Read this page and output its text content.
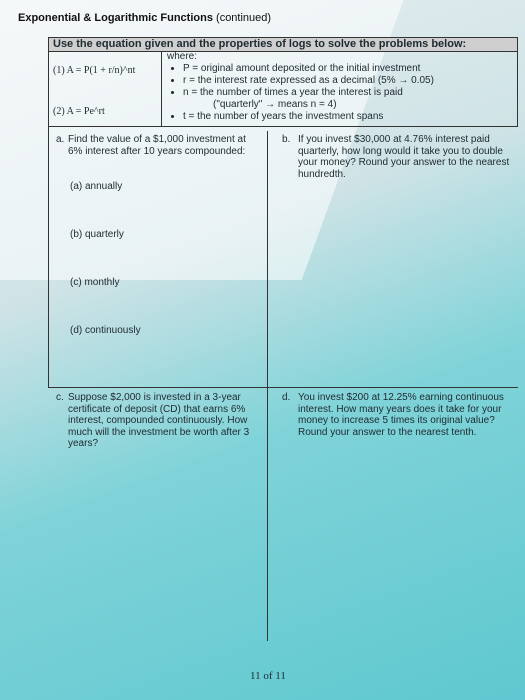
Exponential & Logarithmic Functions (continued)
Use the equation given and the properties of logs to solve the problems below:
(1) A = P(1 + r/n)^nt
(2) A = Pe^rt
where:
• P = original amount deposited or the initial investment
• r = the interest rate expressed as a decimal (5% → 0.05)
• n = the number of times a year the interest is paid
("quarterly" → means n = 4)
• t = the number of years the investment spans
a. Find the value of a $1,000 investment at 6% interest after 10 years compounded:
(a) annually
(b) quarterly
(c) monthly
(d) continuously
b. If you invest $30,000 at 4.76% interest paid quarterly, how long would it take you to double your money? Round your answer to the nearest hundredth.
c. Suppose $2,000 is invested in a 3-year certificate of deposit (CD) that earns 6% interest, compounded continuously. How much will the investment be worth after 3 years?
d. You invest $200 at 12.25% earning continuous interest. How many years does it take for your money to increase 5 times its original value? Round your answer to the nearest tenth.
11 of 11
